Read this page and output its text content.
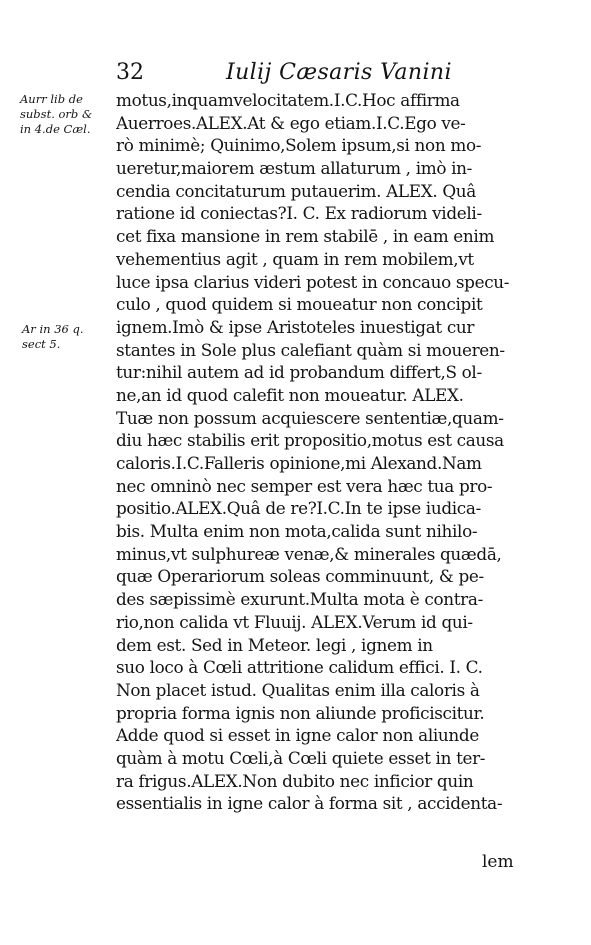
32	Iulij Cæsaris Vanini
Aurr lib de
subst. orb &
in 4.de Cæl.
Ar in 36 q.
sect 5.
motus,inquamvelocitatem.I.C.Hoc affirma
Auerroes.ALEX.At & ego etiam.I.C.Ego ve-
rò minimè; Quinimo,Solem ipsum,si non mo-
ueretur,maiorem æstum allaturum , imò in-
cendia concitaturum putauerim. ALEX. Quâ
ratione id coniectas?I. C. Ex radiorum videli-
cet fixa mansione in rem stabilē , in eam enim
vehementius agit , quam in rem mobilem,vt
luce ipsa clarius videri potest in concauo specu-
culo , quod quidem si moueatur non concipit
ignem.Imò & ipse Aristoteles inuestigat cur
stantes in Sole plus calefiant quàm si moueren-
tur:nihil autem ad id probandum differt,S ol-
ne,an id quod calefit non moueatur. ALEX.
Tuæ non possum acquiescere sententiæ,quam-
diu hæc stabilis erit propositio,motus est causa
caloris.I.C.Falleris opinione,mi Alexand.Nam
nec omninò nec semper est vera hæc tua pro-
positio.ALEX.Quâ de re?I.C.In te ipse iudica-
bis. Multa enim non mota,calida sunt nihilo-
minus,vt sulphureæ venæ,& minerales quædā,
quæ Operariorum soleas comminuunt, & pe-
des sæpissimè exurunt.Multa mota è contra-
rio,non calida vt Fluuij. ALEX.Verum id qui-
dem est. Sed in Meteor. legi , ignem in
suo loco à Cœli attritione calidum effici. I. C.
Non placet istud. Qualitas enim illa caloris à
propria forma ignis non aliunde proficiscitur.
Adde quod si esset in igne calor non aliunde
quàm à motu Cœli,à Cœli quiete esset in ter-
ra frigus.ALEX.Non dubito nec inficior quin
essentialis in igne calor à forma sit , accidenta-
lem
